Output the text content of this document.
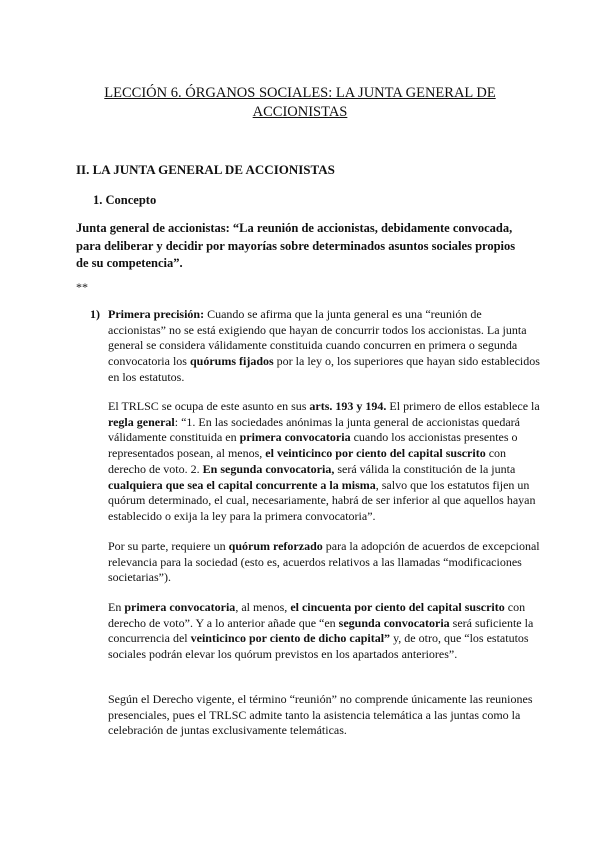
LECCIÓN 6. ÓRGANOS SOCIALES: LA JUNTA GENERAL DE ACCIONISTAS
II. LA JUNTA GENERAL DE ACCIONISTAS
1. Concepto
Junta general de accionistas: “La reunión de accionistas, debidamente convocada, para deliberar y decidir por mayorías sobre determinados asuntos sociales propios de su competencia”.
**
1) Primera precisión: Cuando se afirma que la junta general es una “reunión de accionistas” no se está exigiendo que hayan de concurrir todos los accionistas. La junta general se considera válidamente constituida cuando concurren en primera o segunda convocatoria los quórums fijados por la ley o, los superiores que hayan sido establecidos en los estatutos.
El TRLSC se ocupa de este asunto en sus arts. 193 y 194. El primero de ellos establece la regla general: “1. En las sociedades anónimas la junta general de accionistas quedará válidamente constituida en primera convocatoria cuando los accionistas presentes o representados posean, al menos, el veinticinco por ciento del capital suscrito con derecho de voto. 2. En segunda convocatoria, será válida la constitución de la junta cualquiera que sea el capital concurrente a la misma, salvo que los estatutos fijen un quórum determinado, el cual, necesariamente, habrá de ser inferior al que aquellos hayan establecido o exija la ley para la primera convocatoria”.
Por su parte, requiere un quórum reforzado para la adopción de acuerdos de excepcional relevancia para la sociedad (esto es, acuerdos relativos a las llamadas “modificaciones societarias”).
En primera convocatoria, al menos, el cincuenta por ciento del capital suscrito con derecho de voto”. Y a lo anterior añade que “en segunda convocatoria será suficiente la concurrencia del veinticinco por ciento de dicho capital” y, de otro, que “los estatutos sociales podrán elevar los quórum previstos en los apartados anteriores”.
Según el Derecho vigente, el término “reunión” no comprende únicamente las reuniones presenciales, pues el TRLSC admite tanto la asistencia telemática a las juntas como la celebración de juntas exclusivamente telemáticas.
